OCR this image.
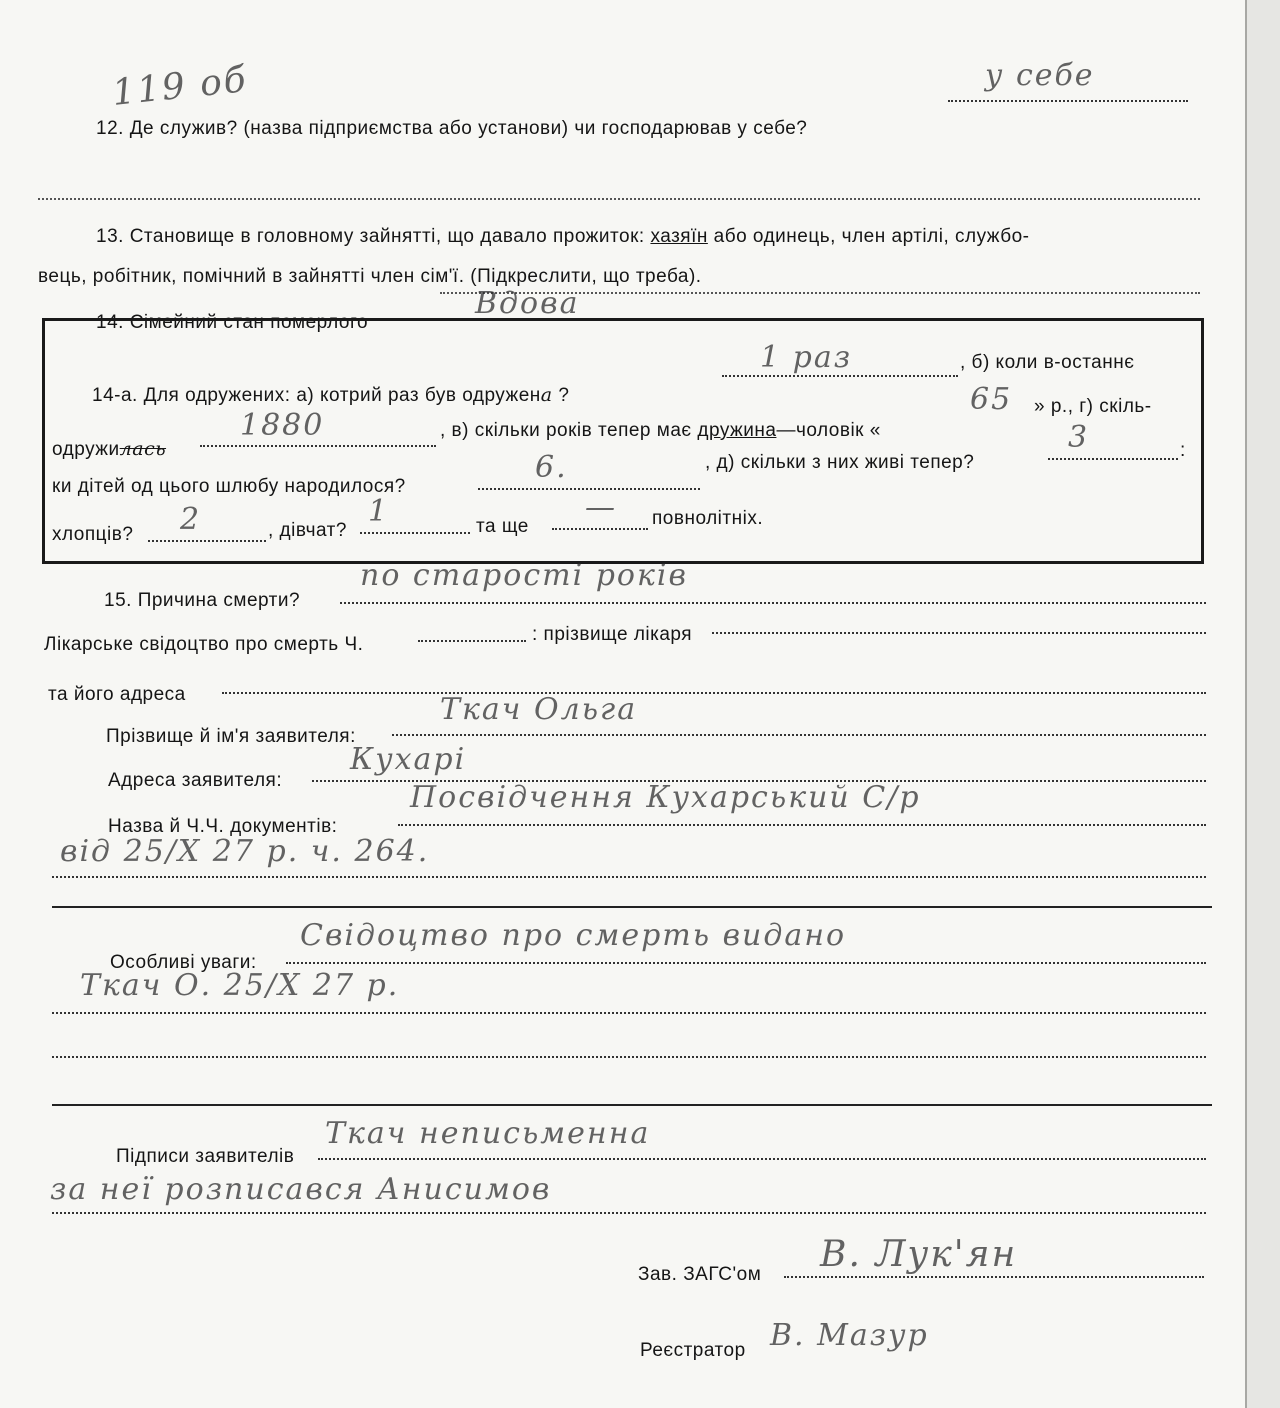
119 об
12. Де служив? (назва підприємства або установи) чи господарював у себе?
у себе
13. Становище в головному зайнятті, що давало прожиток: хазяїн або одинець, член артілі, службо-
вець, робітник, помічний в зайнятті член сім'ї. (Підкреслити, що треба).
14. Сімейний стан померлого
Вдова
14-а. Для одружених: а) котрий раз був одружена ?
1 раз	, б) коли в-останнє
одружилась
1880	, в) скільки років тепер має дружина—чоловік «
65 » р., г) скіль-
ки дітей од цього шлюбу народилося?
6.	, д) скільки з них живі тепер?
3	:
хлопців? 2	, дівчат?
1	та ще
— повнолітніх.
15. Причина смерти?
по старості років
Лікарське свідоцтво про смерть Ч.	: прізвище лікаря
та його адреса
Прізвище й ім'я заявителя:
Ткач Ольга
Адреса заявителя:
Кухарі
Назва й Ч.Ч. документів:
Посвідчення Кухарський С/р
від 25/X 27 р. ч. 264.
Особливі уваги:
Свідоцтво про смерть видано
Ткач О. 25/X 27 р.
Підписи заявителів
Ткач неписьменна
за неї розписався Анисимов
Зав. ЗАГС'ом В. Лук'ян
Реєстратор В. Мазур
